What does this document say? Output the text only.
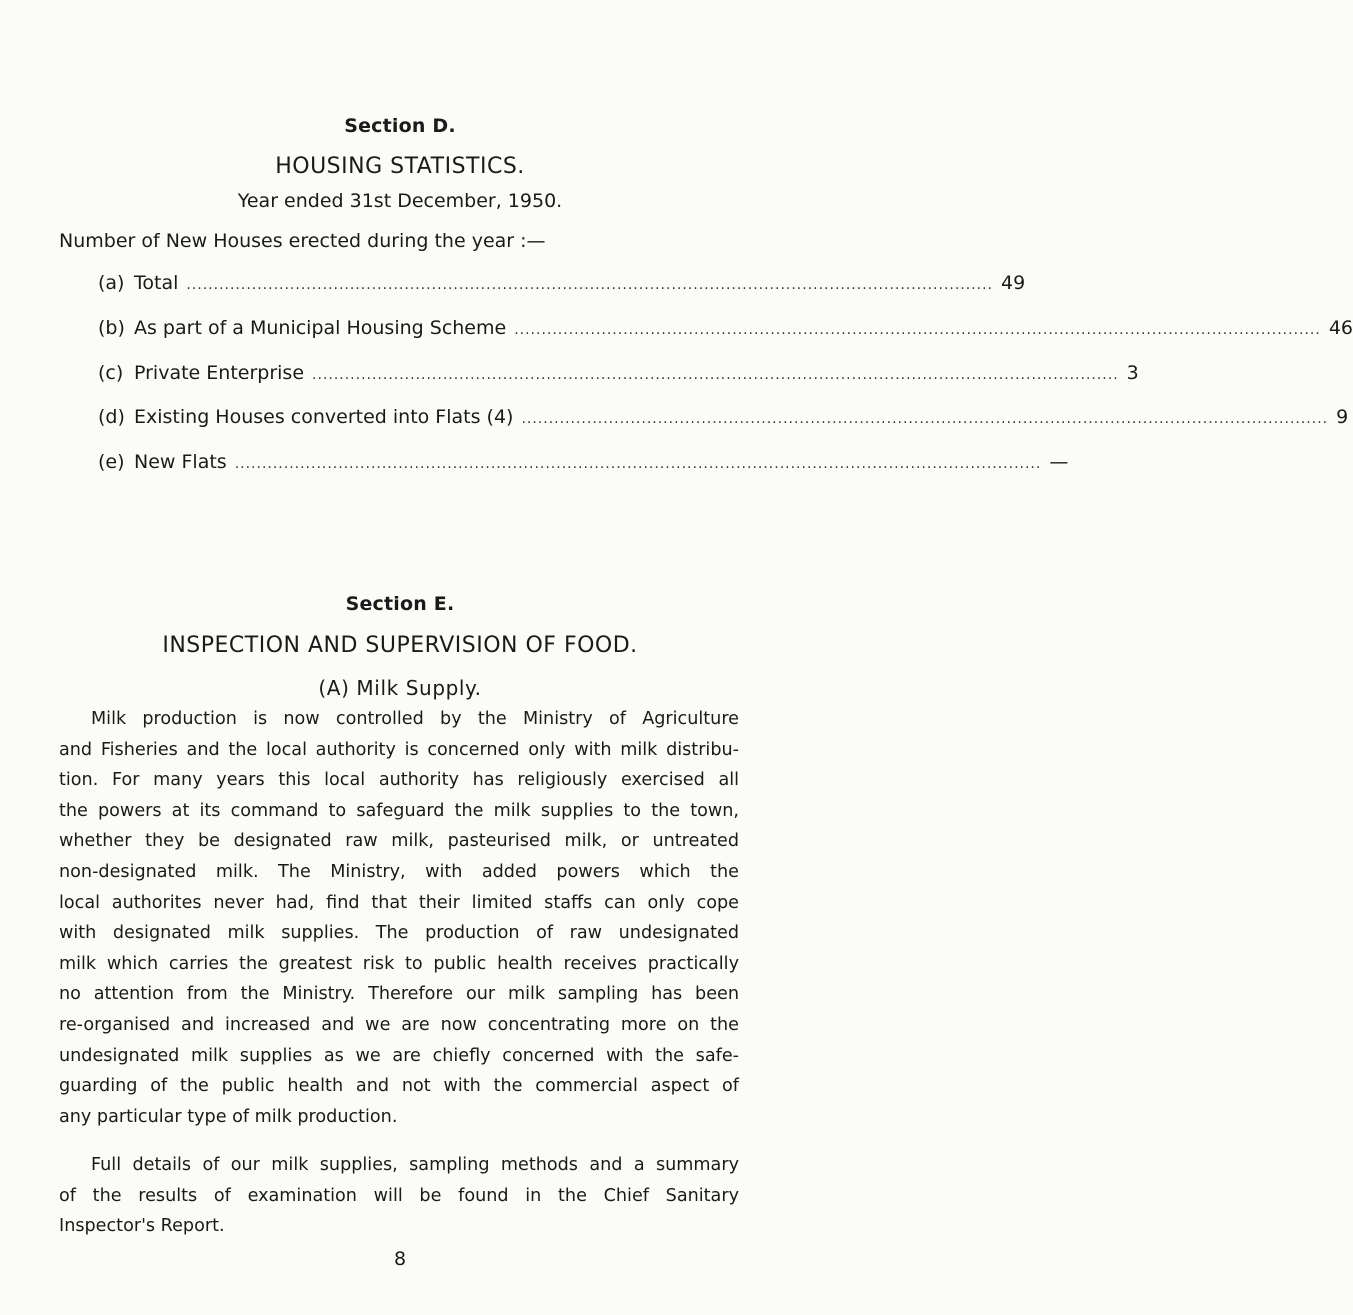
Section D.
HOUSING STATISTICS.
Year ended 31st December, 1950.
Number of New Houses erected during the year :—
(a) Total .................................................................................................................................................... 49
(b) As part of a Municipal Housing Scheme .................................................................................................................................................... 46
(c) Private Enterprise .................................................................................................................................................... 3
(d) Existing Houses converted into Flats (4) .................................................................................................................................................... 9
(e) New Flats .................................................................................................................................................... —
Section E.
INSPECTION AND SUPERVISION OF FOOD.
(A) Milk Supply.
Milk production is now controlled by the Ministry of Agriculture
and Fisheries and the local authority is concerned only with milk distribu-
tion. For many years this local authority has religiously exercised all
the powers at its command to safeguard the milk supplies to the town,
whether they be designated raw milk, pasteurised milk, or untreated
non-designated milk. The Ministry, with added powers which the
local authorites never had, find that their limited staffs can only cope
with designated milk supplies. The production of raw undesignated
milk which carries the greatest risk to public health receives practically
no attention from the Ministry. Therefore our milk sampling has been
re-organised and increased and we are now concentrating more on the
undesignated milk supplies as we are chiefly concerned with the safe-
guarding of the public health and not with the commercial aspect of
any particular type of milk production.
Full details of our milk supplies, sampling methods and a summary
of the results of examination will be found in the Chief Sanitary
Inspector's Report.
8
